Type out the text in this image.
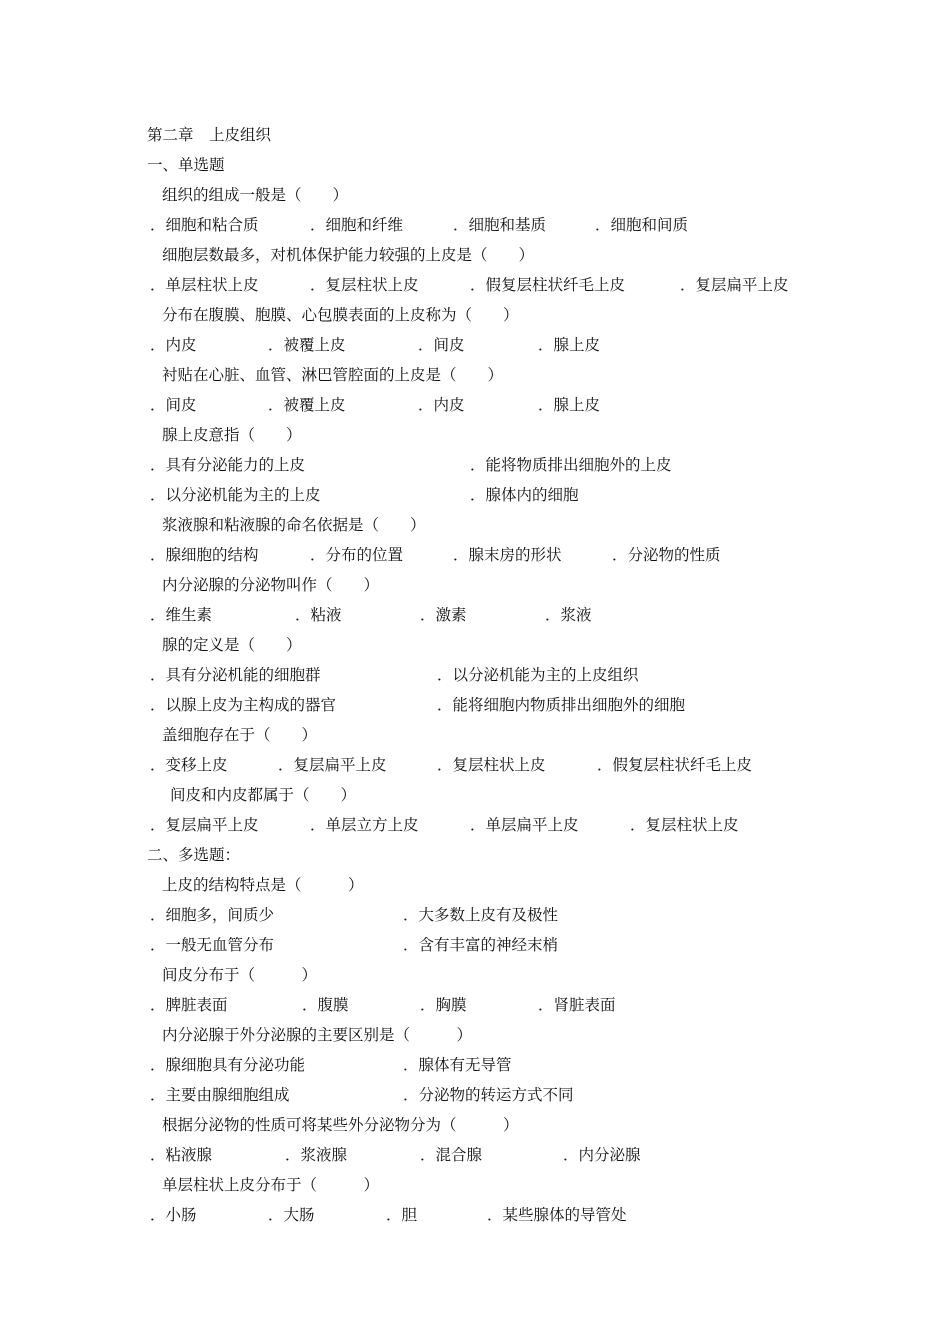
第二章　上皮组织
一、单选题
组织的组成一般是（　　）
．细胞和粘合质	．细胞和纤维	．细胞和基质	．细胞和间质
细胞层数最多，对机体保护能力较强的上皮是（　　）
．单层柱状上皮	．复层柱状上皮	．假复层柱状纤毛上皮	．复层扁平上皮
分布在腹膜、胞膜、心包膜表面的上皮称为（　　）
．内皮	．被覆上皮	．间皮	．腺上皮
衬贴在心脏、血管、淋巴管腔面的上皮是（　　）
．间皮	．被覆上皮	．内皮	．腺上皮
腺上皮意指（　　）
．具有分泌能力的上皮	．能将物质排出细胞外的上皮
．以分泌机能为主的上皮	．腺体内的细胞
浆液腺和粘液腺的命名依据是（　　）
．腺细胞的结构	．分布的位置	．腺末房的形状	．分泌物的性质
内分泌腺的分泌物叫作（　　）
．维生素	．粘液	．激素	．浆液
腺的定义是（　　）
．具有分泌机能的细胞群	．以分泌机能为主的上皮组织
．以腺上皮为主构成的器官	．能将细胞内物质排出细胞外的细胞
盖细胞存在于（　　）
．变移上皮	．复层扁平上皮	．复层柱状上皮	．假复层柱状纤毛上皮
间皮和内皮都属于（　　）
．复层扁平上皮	．单层立方上皮	．单层扁平上皮	．复层柱状上皮
二、多选题：
上皮的结构特点是（　　　）
．细胞多，间质少	．大多数上皮有及极性
．一般无血管分布	．含有丰富的神经末梢
间皮分布于（　　　）
．脾脏表面	．腹膜	．胸膜	．肾脏表面
内分泌腺于外分泌腺的主要区别是（　　　）
．腺细胞具有分泌功能	．腺体有无导管
．主要由腺细胞组成	．分泌物的转运方式不同
根据分泌物的性质可将某些外分泌物分为（　　　）
．粘液腺	．浆液腺	．混合腺	．内分泌腺
单层柱状上皮分布于（　　　）
．小肠	．大肠	．胆	．某些腺体的导管处
